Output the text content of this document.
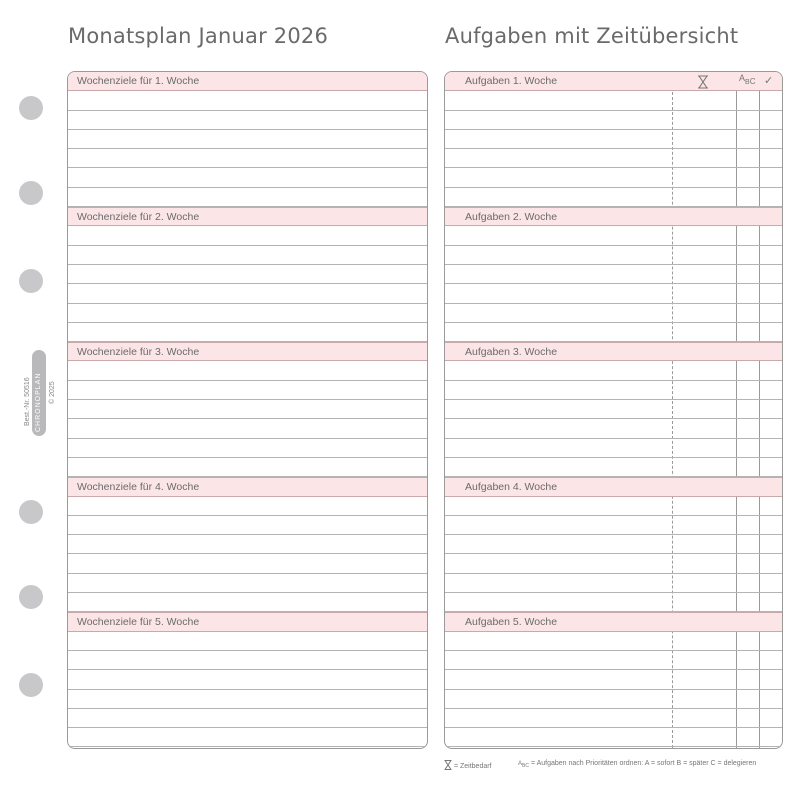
Monatsplan Januar 2026	Aufgaben mit Zeitübersicht
Best.-Nr. 50516 CHRONOPLAN © 2025
Wochenziele für 1. Woche
Wochenziele für 2. Woche
Wochenziele für 3. Woche
Wochenziele für 4. Woche
Wochenziele für 5. Woche
Aufgaben 1. Woche
Aufgaben 2. Woche
Aufgaben 3. Woche
Aufgaben 4. Woche
Aufgaben 5. Woche
$A_{BC}$ ✓
= Zeitbedarf	$A_{BC}$ = Aufgaben nach Prioritäten ordnen: A = sofort B = später C = delegieren
